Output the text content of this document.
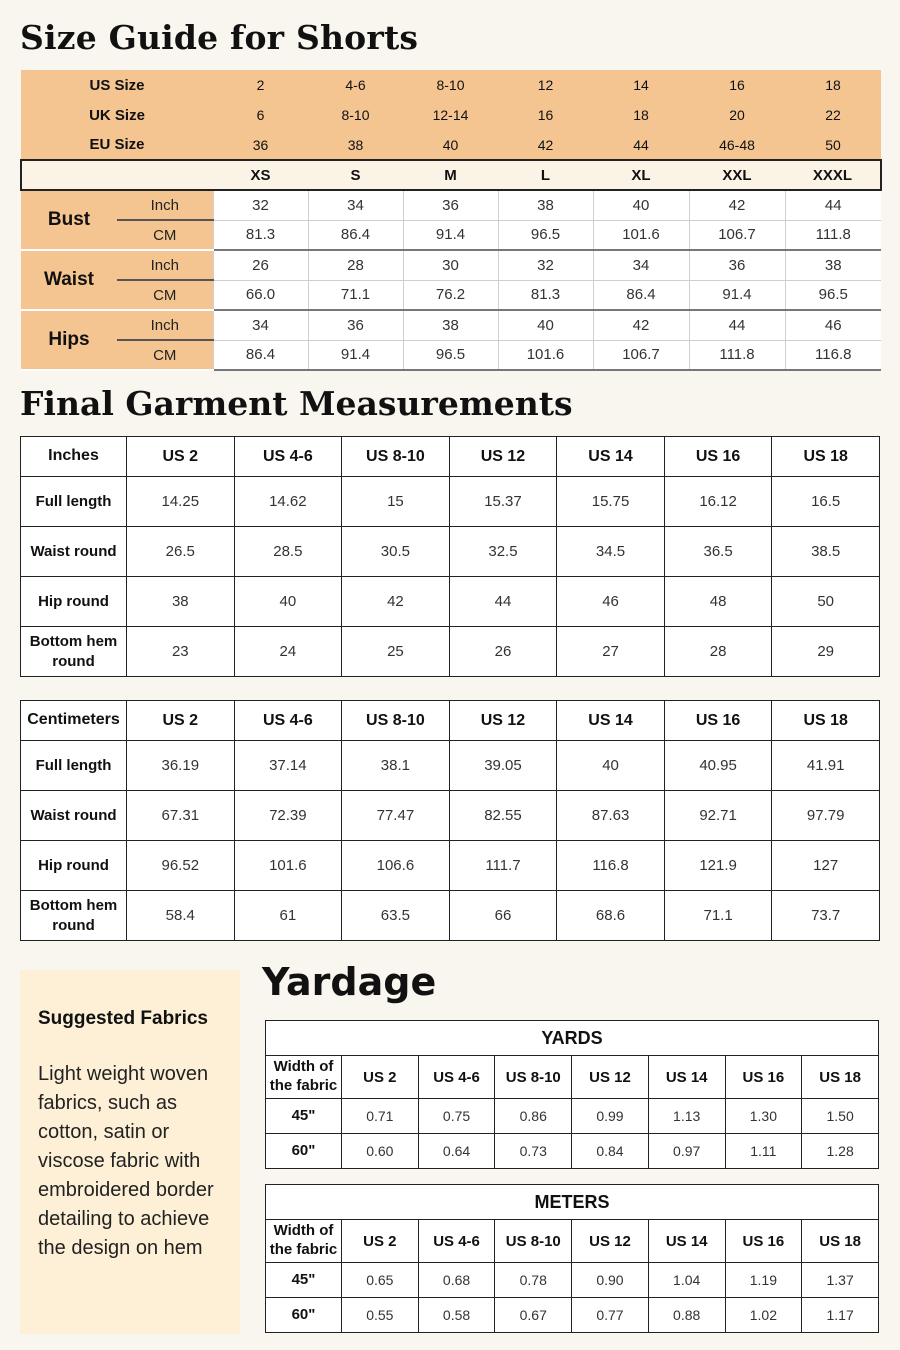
Size Guide for Shorts
US Size		2	4-6	8-10	12	14	16	18
UK Size		6	8-10	12-14	16	18	20	22
EU Size		36	38	40	42	44	46-48	50
		XS	S	M	L	XL	XXL	XXXL
Bust	Inch	32	34	36	38	40	42	44
	CM	81.3	86.4	91.4	96.5	101.6	106.7	111.8
Waist	Inch	26	28	30	32	34	36	38
	CM	66.0	71.1	76.2	81.3	86.4	91.4	96.5
Hips	Inch	34	36	38	40	42	44	46
	CM	86.4	91.4	96.5	101.6	106.7	111.8	116.8
Final Garment Measurements
Inches	US 2	US 4-6	US 8-10	US 12	US 14	US 16	US 18
Full length	14.25	14.62	15	15.37	15.75	16.12	16.5
Waist round	26.5	28.5	30.5	32.5	34.5	36.5	38.5
Hip round	38	40	42	44	46	48	50
Bottom hem round	23	24	25	26	27	28	29
Centimeters	US 2	US 4-6	US 8-10	US 12	US 14	US 16	US 18
Full length	36.19	37.14	38.1	39.05	40	40.95	41.91
Waist round	67.31	72.39	77.47	82.55	87.63	92.71	97.79
Hip round	96.52	101.6	106.6	111.7	116.8	121.9	127
Bottom hem round	58.4	61	63.5	66	68.6	71.1	73.7
Suggested Fabrics
Light weight woven fabrics, such as cotton, satin or viscose fabric with embroidered border detailing to achieve the design on hem
Yardage
YARDS							
Width of the fabric	US 2	US 4-6	US 8-10	US 12	US 14	US 16	US 18
45"	0.71	0.75	0.86	0.99	1.13	1.30	1.50
60"	0.60	0.64	0.73	0.84	0.97	1.11	1.28
METERS							
Width of the fabric	US 2	US 4-6	US 8-10	US 12	US 14	US 16	US 18
45"	0.65	0.68	0.78	0.90	1.04	1.19	1.37
60"	0.55	0.58	0.67	0.77	0.88	1.02	1.17
